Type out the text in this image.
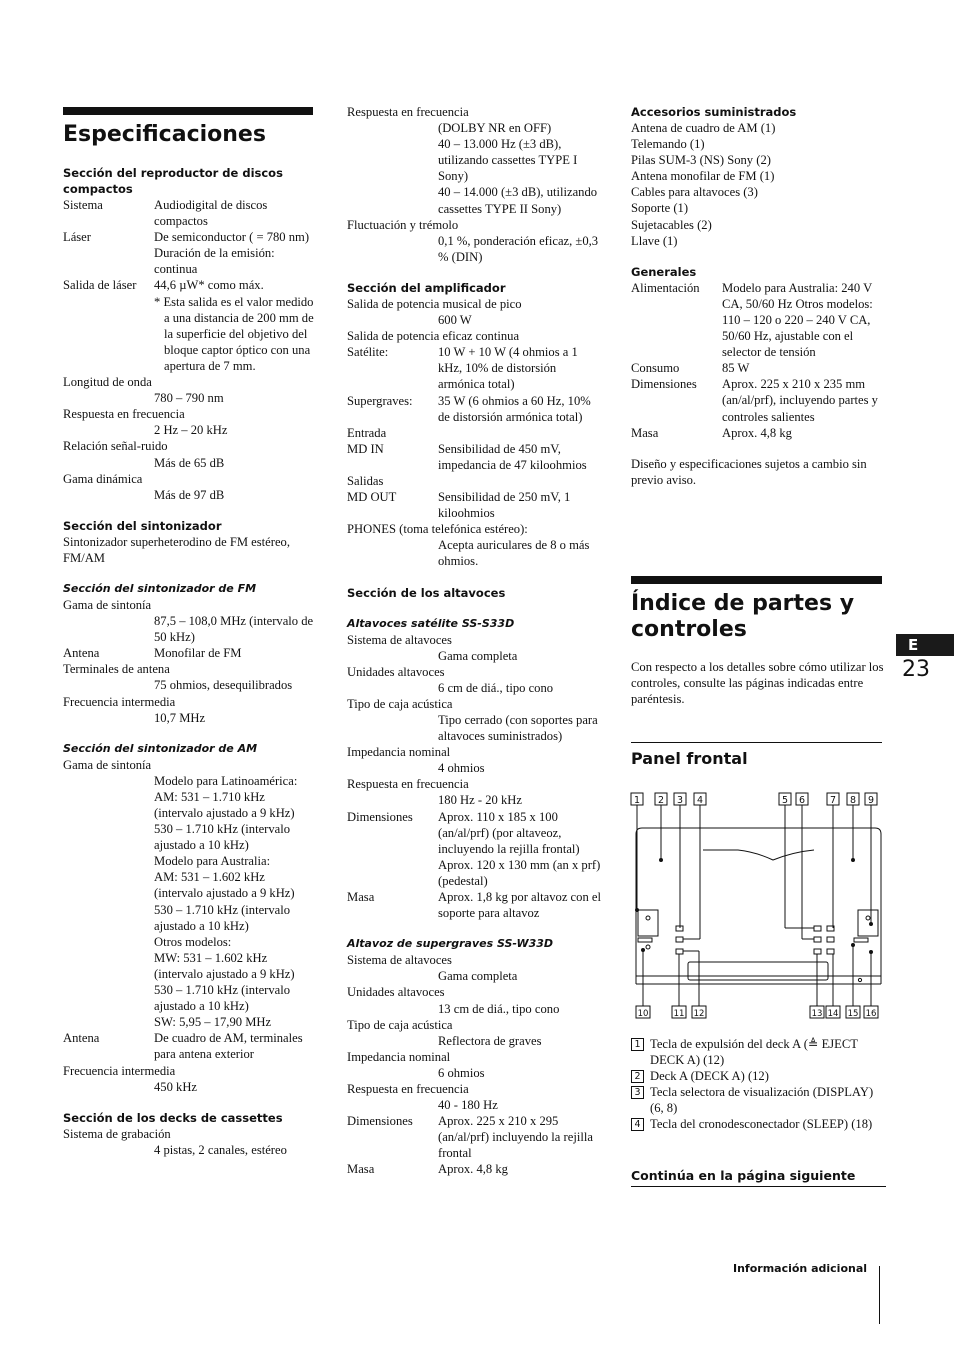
Especificaciones
Sección del reproductor de discos compactos
Sistema	Audiodigital de discos compactos
Láser	De semiconductor ( = 780 nm)
Duración de la emisión: continua
Salida de láser	44,6 µW* como máx.
* Esta salida es el valor medido a una distancia de 200 mm de la superficie del objetivo del bloque captor óptico con una apertura de 7 mm.
Longitud de onda
780 – 790 nm
Respuesta en frecuencia
2 Hz – 20 kHz
Relación señal-ruido
Más de 65 dB
Gama dinámica
Más de 97 dB
Sección del sintonizador
Sintonizador superheterodino de FM estéreo, FM/AM
Sección del sintonizador de FM
Gama de sintonía
87,5 – 108,0 MHz (intervalo de 50 kHz)
Antena	Monofilar de FM
Terminales de antena
75 ohmios, desequilibrados
Frecuencia intermedia
10,7 MHz
Sección del sintonizador de AM
Gama de sintonía
Modelo para Latinoamérica:
AM: 531 – 1.710 kHz (intervalo ajustado a 9 kHz)
530 – 1.710 kHz (intervalo ajustado a 10 kHz)
Modelo para Australia:
AM: 531 – 1.602 kHz (intervalo ajustado a 9 kHz)
530 – 1.710 kHz (intervalo ajustado a 10 kHz)
Otros modelos:
MW: 531 – 1.602 kHz (intervalo ajustado a 9 kHz)
530 – 1.710 kHz (intervalo ajustado a 10 kHz)
SW: 5,95 – 17,90 MHz
Antena	De cuadro de AM, terminales para antena exterior
Frecuencia intermedia
450 kHz
Sección de los decks de cassettes
Sistema de grabación
4 pistas, 2 canales, estéreo
Respuesta en frecuencia
(DOLBY NR en OFF)
40 – 13.000 Hz (±3 dB), utilizando cassettes TYPE I Sony)
40 – 14.000 (±3 dB), utilizando cassettes TYPE II Sony)
Fluctuación y trémolo
0,1 %, ponderación eficaz, ±0,3 % (DIN)
Sección del amplificador
Salida de potencia musical de pico
600 W
Salida de potencia eficaz continua
Satélite:	10 W + 10 W (4 ohmios a 1 kHz, 10% de distorsión armónica total)
Supergraves:	35 W (6 ohmios a 60 Hz, 10% de distorsión armónica total)
Entrada
MD IN	Sensibilidad de 450 mV, impedancia de 47 kiloohmios
Salidas
MD OUT	Sensibilidad de 250 mV, 1 kiloohmios
PHONES (toma telefónica estéreo):
Acepta auriculares de 8 o más ohmios.
Sección de los altavoces
Altavoces satélite SS-S33D
Sistema de altavoces
Gama completa
Unidades altavoces
6 cm de diá., tipo cono
Tipo de caja acústica
Tipo cerrado (con soportes para altavoces suministrados)
Impedancia nominal
4 ohmios
Respuesta en frecuencia
180 Hz - 20 kHz
Dimensiones	Aprox. 110 x 185 x 100 (an/al/prf) (por altaveoz, incluyendo la rejilla frontal) Aprox. 120 x 130 mm (an x prf) (pedestal)
Masa	Aprox. 1,8 kg por altavoz con el soporte para altavoz
Altavoz de supergraves SS-W33D
Sistema de altavoces
Gama completa
Unidades altavoces
13 cm de diá., tipo cono
Tipo de caja acústica
Reflectora de graves
Impedancia nominal
6 ohmios
Respuesta en frecuencia
40 - 180 Hz
Dimensiones	Aprox. 225 x 210 x 295 (an/al/prf) incluyendo la rejilla frontal
Masa	Aprox. 4,8 kg
Accesorios suministrados
Antena de cuadro de AM (1)
Telemando (1)
Pilas SUM-3 (NS) Sony (2)
Antena monofilar de FM (1)
Cables para altavoces (3)
Soporte (1)
Sujetacables (2)
Llave (1)
Generales
Alimentación	Modelo para Australia: 240 V CA, 50/60 Hz Otros modelos: 110 – 120 o 220 – 240 V CA, 50/60 Hz, ajustable con el selector de tensión
Consumo	85 W
Dimensiones	Aprox. 225 x 210 x 235 mm (an/al/prf), incluyendo partes y controles salientes
Masa	Aprox. 4,8 kg
Diseño y especificaciones sujetos a cambio sin previo aviso.
Índice de partes y controles
Con respecto a los detalles sobre cómo utilizar los controles, consulte las páginas indicadas entre paréntesis.
Panel frontal
1 2 3 4	5 6	7 8 9
10	11 12	13 14 15 16
1 Tecla de expulsión del deck A (≜ EJECT DECK A) (12)
2 Deck A (DECK A) (12)
3 Tecla selectora de visualización (DISPLAY) (6, 8)
4 Tecla del cronodesconectador (SLEEP) (18)
Continúa en la página siguiente
E
23
Información adicional
